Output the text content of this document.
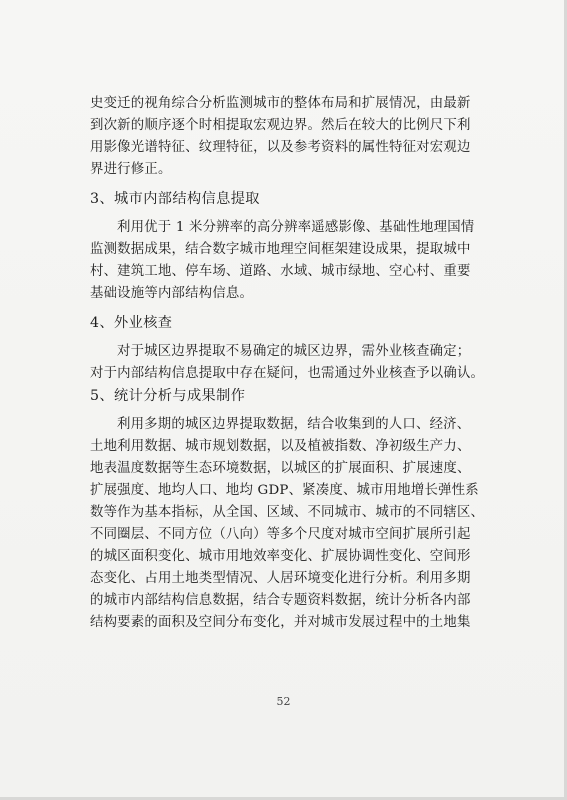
史变迁的视角综合分析监测城市的整体布局和扩展情况，由最新
到次新的顺序逐个时相提取宏观边界。然后在较大的比例尺下利
用影像光谱特征、纹理特征，以及参考资料的属性特征对宏观边
界进行修正。
3、城市内部结构信息提取
利用优于 1 米分辨率的高分辨率遥感影像、基础性地理国情
监测数据成果，结合数字城市地理空间框架建设成果，提取城中
村、建筑工地、停车场、道路、水域、城市绿地、空心村、重要
基础设施等内部结构信息。
4、外业核查
对于城区边界提取不易确定的城区边界，需外业核查确定；
对于内部结构信息提取中存在疑问，也需通过外业核查予以确认。
5、统计分析与成果制作
利用多期的城区边界提取数据，结合收集到的人口、经济、
土地利用数据、城市规划数据，以及植被指数、净初级生产力、
地表温度数据等生态环境数据，以城区的扩展面积、扩展速度、
扩展强度、地均人口、地均 GDP、紧凑度、城市用地增长弹性系
数等作为基本指标，从全国、区域、不同城市、城市的不同辖区、
不同圈层、不同方位（八向）等多个尺度对城市空间扩展所引起
的城区面积变化、城市用地效率变化、扩展协调性变化、空间形
态变化、占用土地类型情况、人居环境变化进行分析。利用多期
的城市内部结构信息数据，结合专题资料数据，统计分析各内部
结构要素的面积及空间分布变化，并对城市发展过程中的土地集
52
